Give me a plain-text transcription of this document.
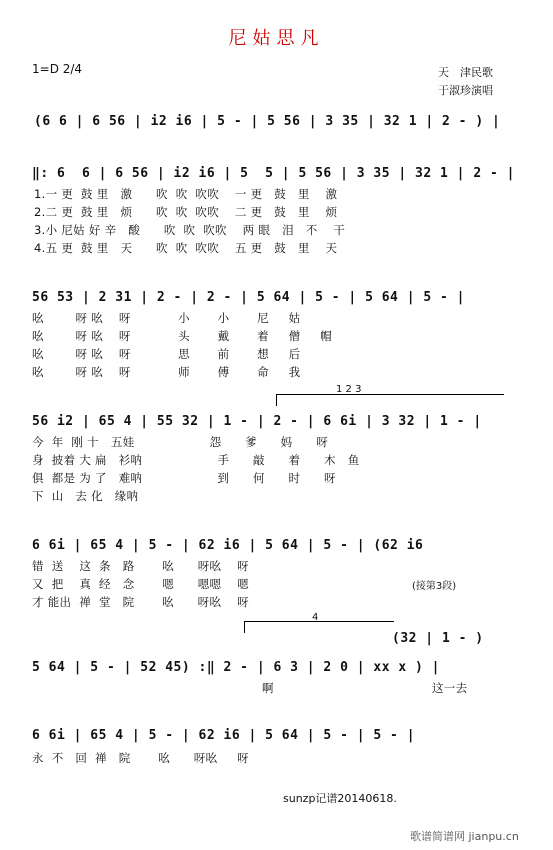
尼姑思凡
1=D 2/4	天　津民歌
于淑珍演唱
(6 6 | 6 56 | i2 i6 | 5 - | 5 56 | 3 35 | 32 1 | 2 - ) |
‖: 6  6 | 6 56 | i2 i6 | 5  5 | 5 56 | 3 35 | 32 1 | 2 - |
1.一 更  鼓 里   激      吹  吹  吹吹    一 更   鼓   里    激
2.二 更  鼓 里   烦      吹  吹  吹吹    二 更   鼓   里    烦
3.小 尼姑 好 辛   酸      吹  吹  吹吹    两 眼   泪   不    干
4.五 更  鼓 里   天      吹  吹  吹吹    五 更   鼓   里    天
56 53 | 2 31 | 2 - | 2 - | 5 64 | 5 - | 5 64 | 5 - |
吆        呀 吆    呀            小       小       尼     姑
吆        呀 吆    呀            头       戴       着     僧     帽
吆        呀 吆    呀            思       前       想     后
吆        呀 吆    呀            师       傅       命     我
1 2 3
56 i2 | 65 4 | 55 32 | 1 - | 2 - | 6 6i | 3 32 | 1 - |
今  年  刚 十   五娃                   怨      爹      妈      呀
身  披着 大 扁   衫呐                   手      敲      着      木   鱼
俱  都是 为 了   难呐                   到      何      时      呀
下  山   去 化   缘呐
6 6i | 65 4 | 5 - | 62 i6 | 5 64 | 5 - | (62 i6
错  送    这  条   路       吆      呀吆    呀
又  把    真  经   念       嗯      嗯嗯    嗯
才 能出  禅  堂   院       吆      呀吆    呀
(接第3段)
4
(32 | 1 - )
5 64 | 5 - | 52 45) :‖ 2 - | 6 3 | 2 0 | xx x ) |
啊	这一去
6 6i | 65 4 | 5 - | 62 i6 | 5 64 | 5 - | 5 - |
永  不   回  禅   院       吆      呀吆     呀
sunzp记谱20140618.
歌谱简谱网 jianpu.cn
